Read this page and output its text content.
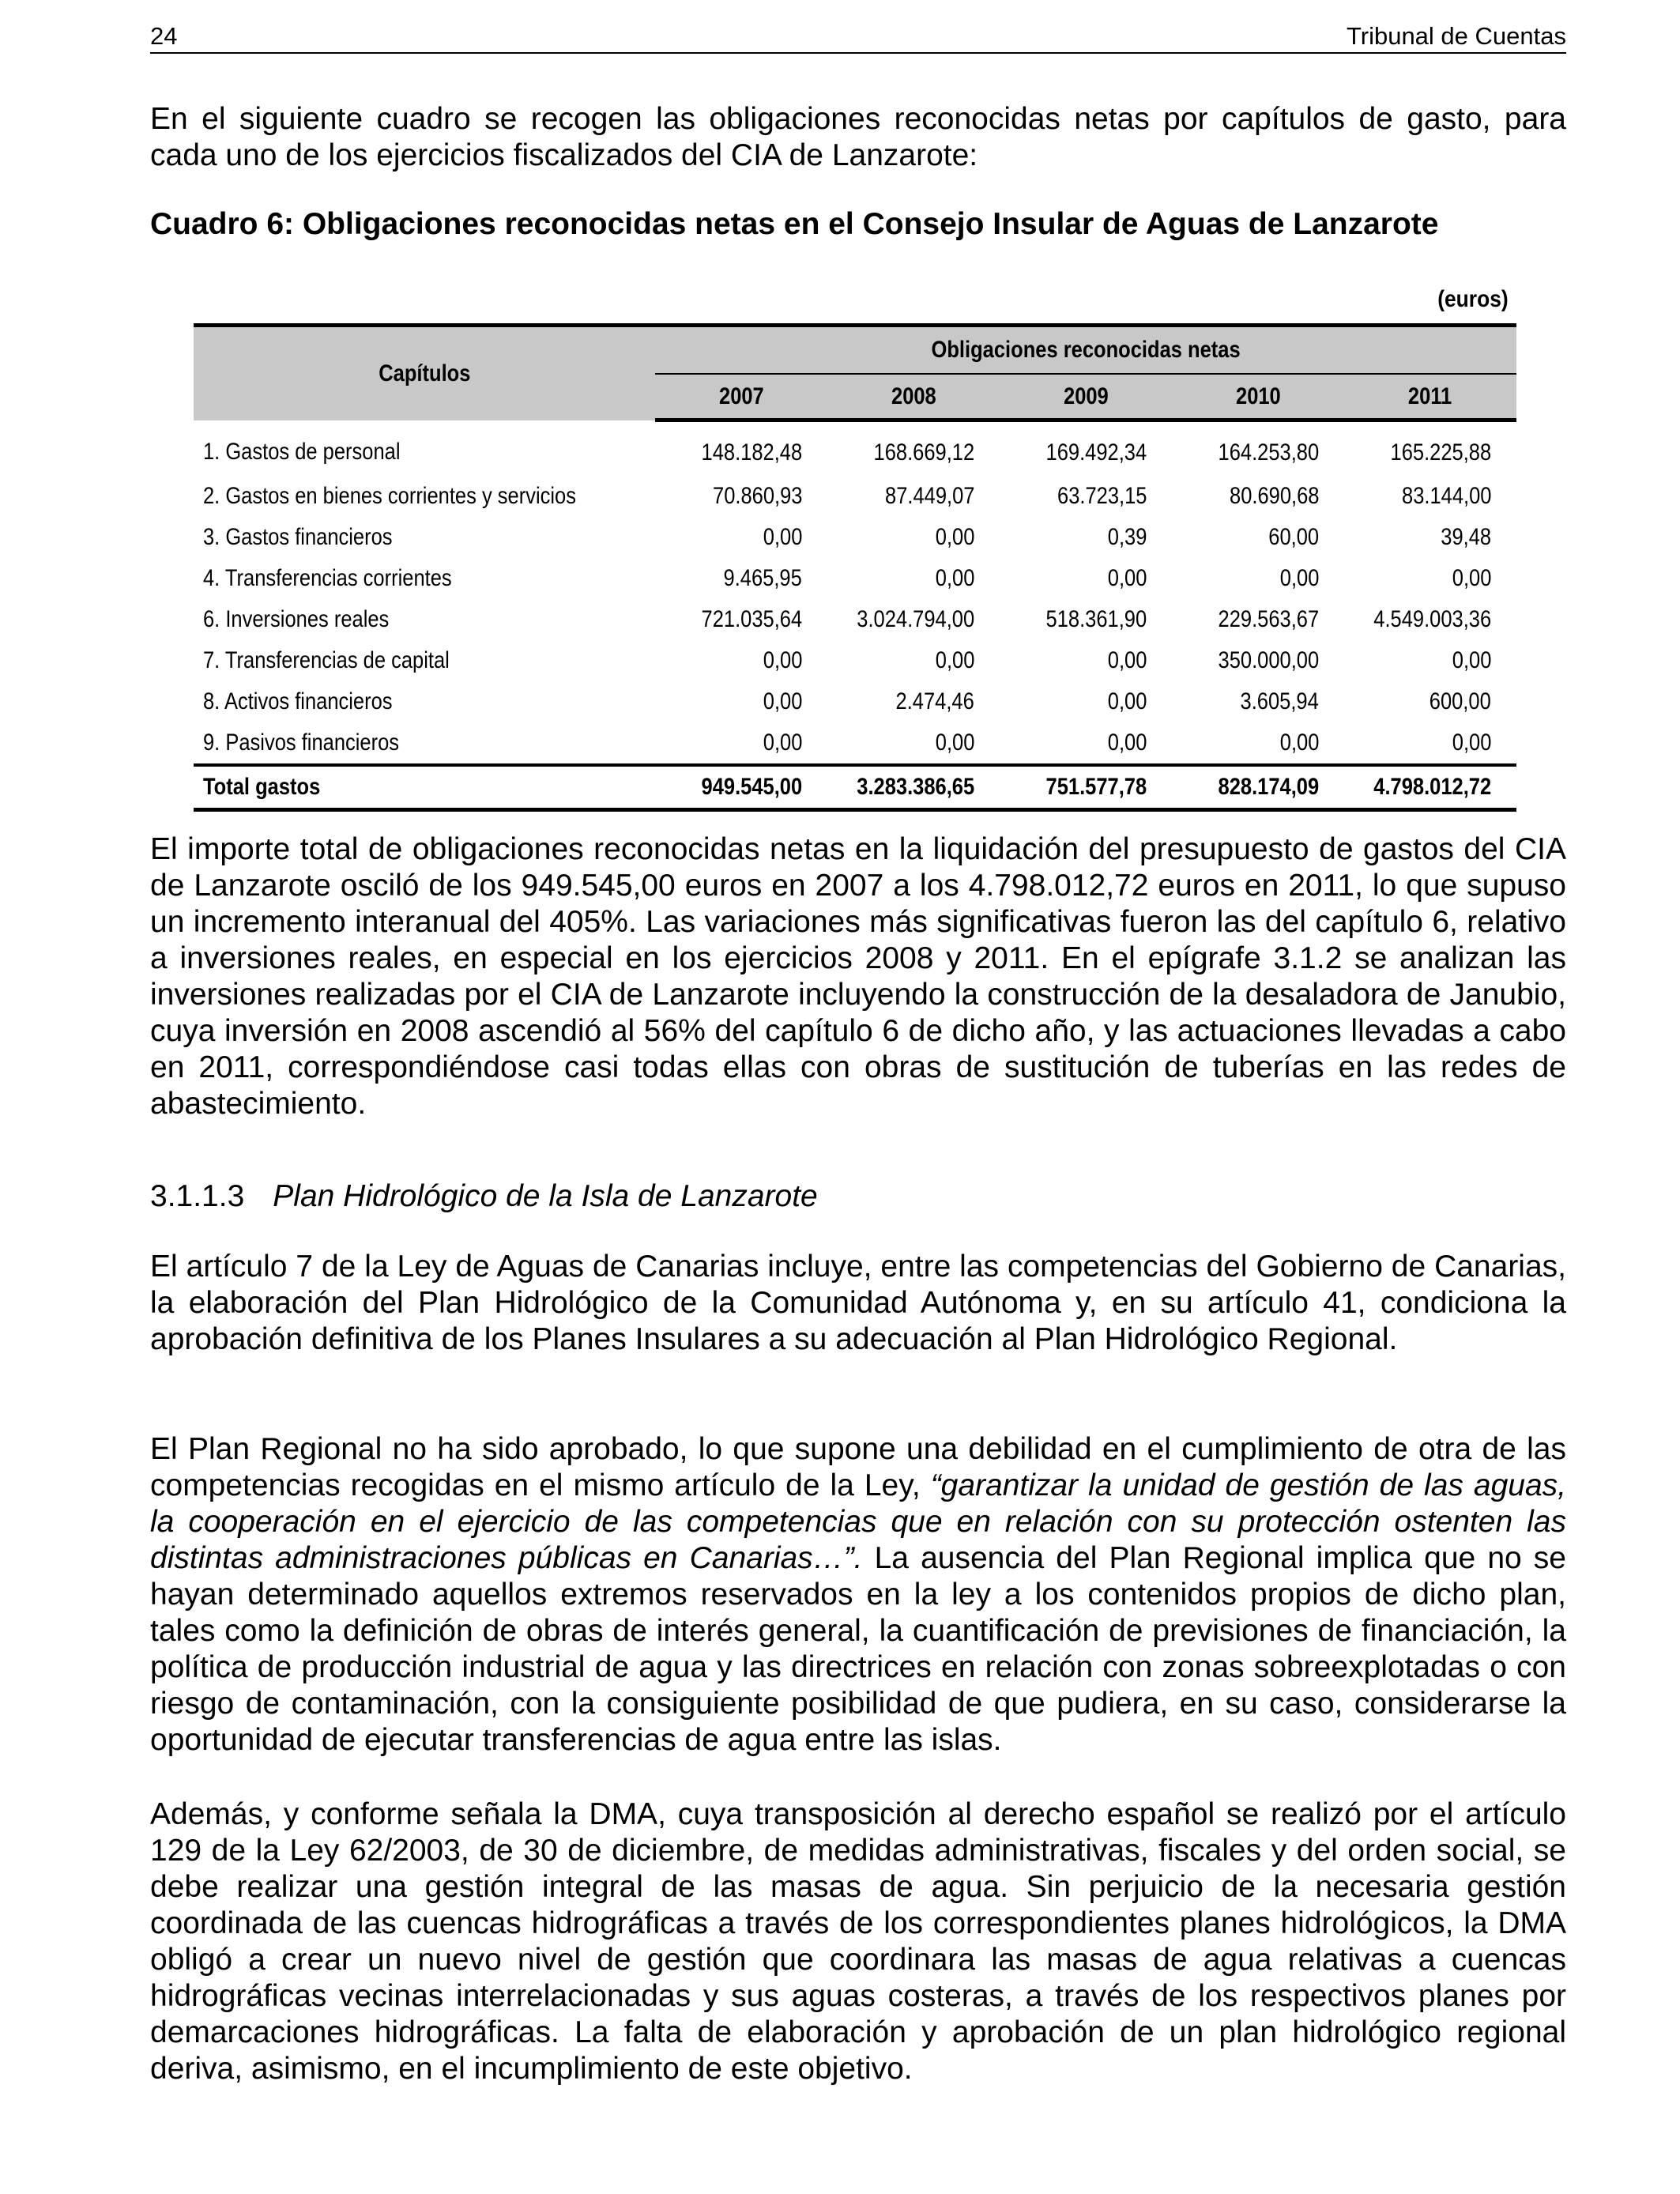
24	Tribunal de Cuentas

En el siguiente cuadro se recogen las obligaciones reconocidas netas por capítulos de gasto, para cada uno de los ejercicios fiscalizados del CIA de Lanzarote:

Cuadro 6: Obligaciones reconocidas netas en el Consejo Insular de Aguas de Lanzarote

(euros)
Capítulos	Obligaciones reconocidas netas				
	2007	2008	2009	2010	2011
1. Gastos de personal	148.182,48	168.669,12	169.492,34	164.253,80	165.225,88
2. Gastos en bienes corrientes y servicios	70.860,93	87.449,07	63.723,15	80.690,68	83.144,00
3. Gastos financieros	0,00	0,00	0,39	60,00	39,48
4. Transferencias corrientes	9.465,95	0,00	0,00	0,00	0,00
6. Inversiones reales	721.035,64	3.024.794,00	518.361,90	229.563,67	4.549.003,36
7. Transferencias de capital	0,00	0,00	0,00	350.000,00	0,00
8. Activos financieros	0,00	2.474,46	0,00	3.605,94	600,00
9. Pasivos financieros	0,00	0,00	0,00	0,00	0,00
Total gastos	949.545,00	3.283.386,65	751.577,78	828.174,09	4.798.012,72

El importe total de obligaciones reconocidas netas en la liquidación del presupuesto de gastos del CIA de Lanzarote osciló de los 949.545,00 euros en 2007 a los 4.798.012,72 euros en 2011, lo que supuso un incremento interanual del 405%. Las variaciones más significativas fueron las del capítulo 6, relativo a inversiones reales, en especial en los ejercicios 2008 y 2011. En el epígrafe 3.1.2 se analizan las inversiones realizadas por el CIA de Lanzarote incluyendo la construcción de la desaladora de Janubio, cuya inversión en 2008 ascendió al 56% del capítulo 6 de dicho año, y las actuaciones llevadas a cabo en 2011, correspondiéndose casi todas ellas con obras de sustitución de tuberías en las redes de abastecimiento.

3.1.1.3 Plan Hidrológico de la Isla de Lanzarote

El artículo 7 de la Ley de Aguas de Canarias incluye, entre las competencias del Gobierno de Canarias, la elaboración del Plan Hidrológico de la Comunidad Autónoma y, en su artículo 41, condiciona la aprobación definitiva de los Planes Insulares a su adecuación al Plan Hidrológico Regional.

El Plan Regional no ha sido aprobado, lo que supone una debilidad en el cumplimiento de otra de las competencias recogidas en el mismo artículo de la Ley, “garantizar la unidad de gestión de las aguas, la cooperación en el ejercicio de las competencias que en relación con su protección ostenten las distintas administraciones públicas en Canarias…”. La ausencia del Plan Regional implica que no se hayan determinado aquellos extremos reservados en la ley a los contenidos propios de dicho plan, tales como la definición de obras de interés general, la cuantificación de previsiones de financiación, la política de producción industrial de agua y las directrices en relación con zonas sobreexplotadas o con riesgo de contaminación, con la consiguiente posibilidad de que pudiera, en su caso, considerarse la oportunidad de ejecutar transferencias de agua entre las islas.

Además, y conforme señala la DMA, cuya transposición al derecho español se realizó por el artículo 129 de la Ley 62/2003, de 30 de diciembre, de medidas administrativas, fiscales y del orden social, se debe realizar una gestión integral de las masas de agua. Sin perjuicio de la necesaria gestión coordinada de las cuencas hidrográficas a través de los correspondientes planes hidrológicos, la DMA obligó a crear un nuevo nivel de gestión que coordinara las masas de agua relativas a cuencas hidrográficas vecinas interrelacionadas y sus aguas costeras, a través de los respectivos planes por demarcaciones hidrográficas. La falta de elaboración y aprobación de un plan hidrológico regional deriva, asimismo, en el incumplimiento de este objetivo.
